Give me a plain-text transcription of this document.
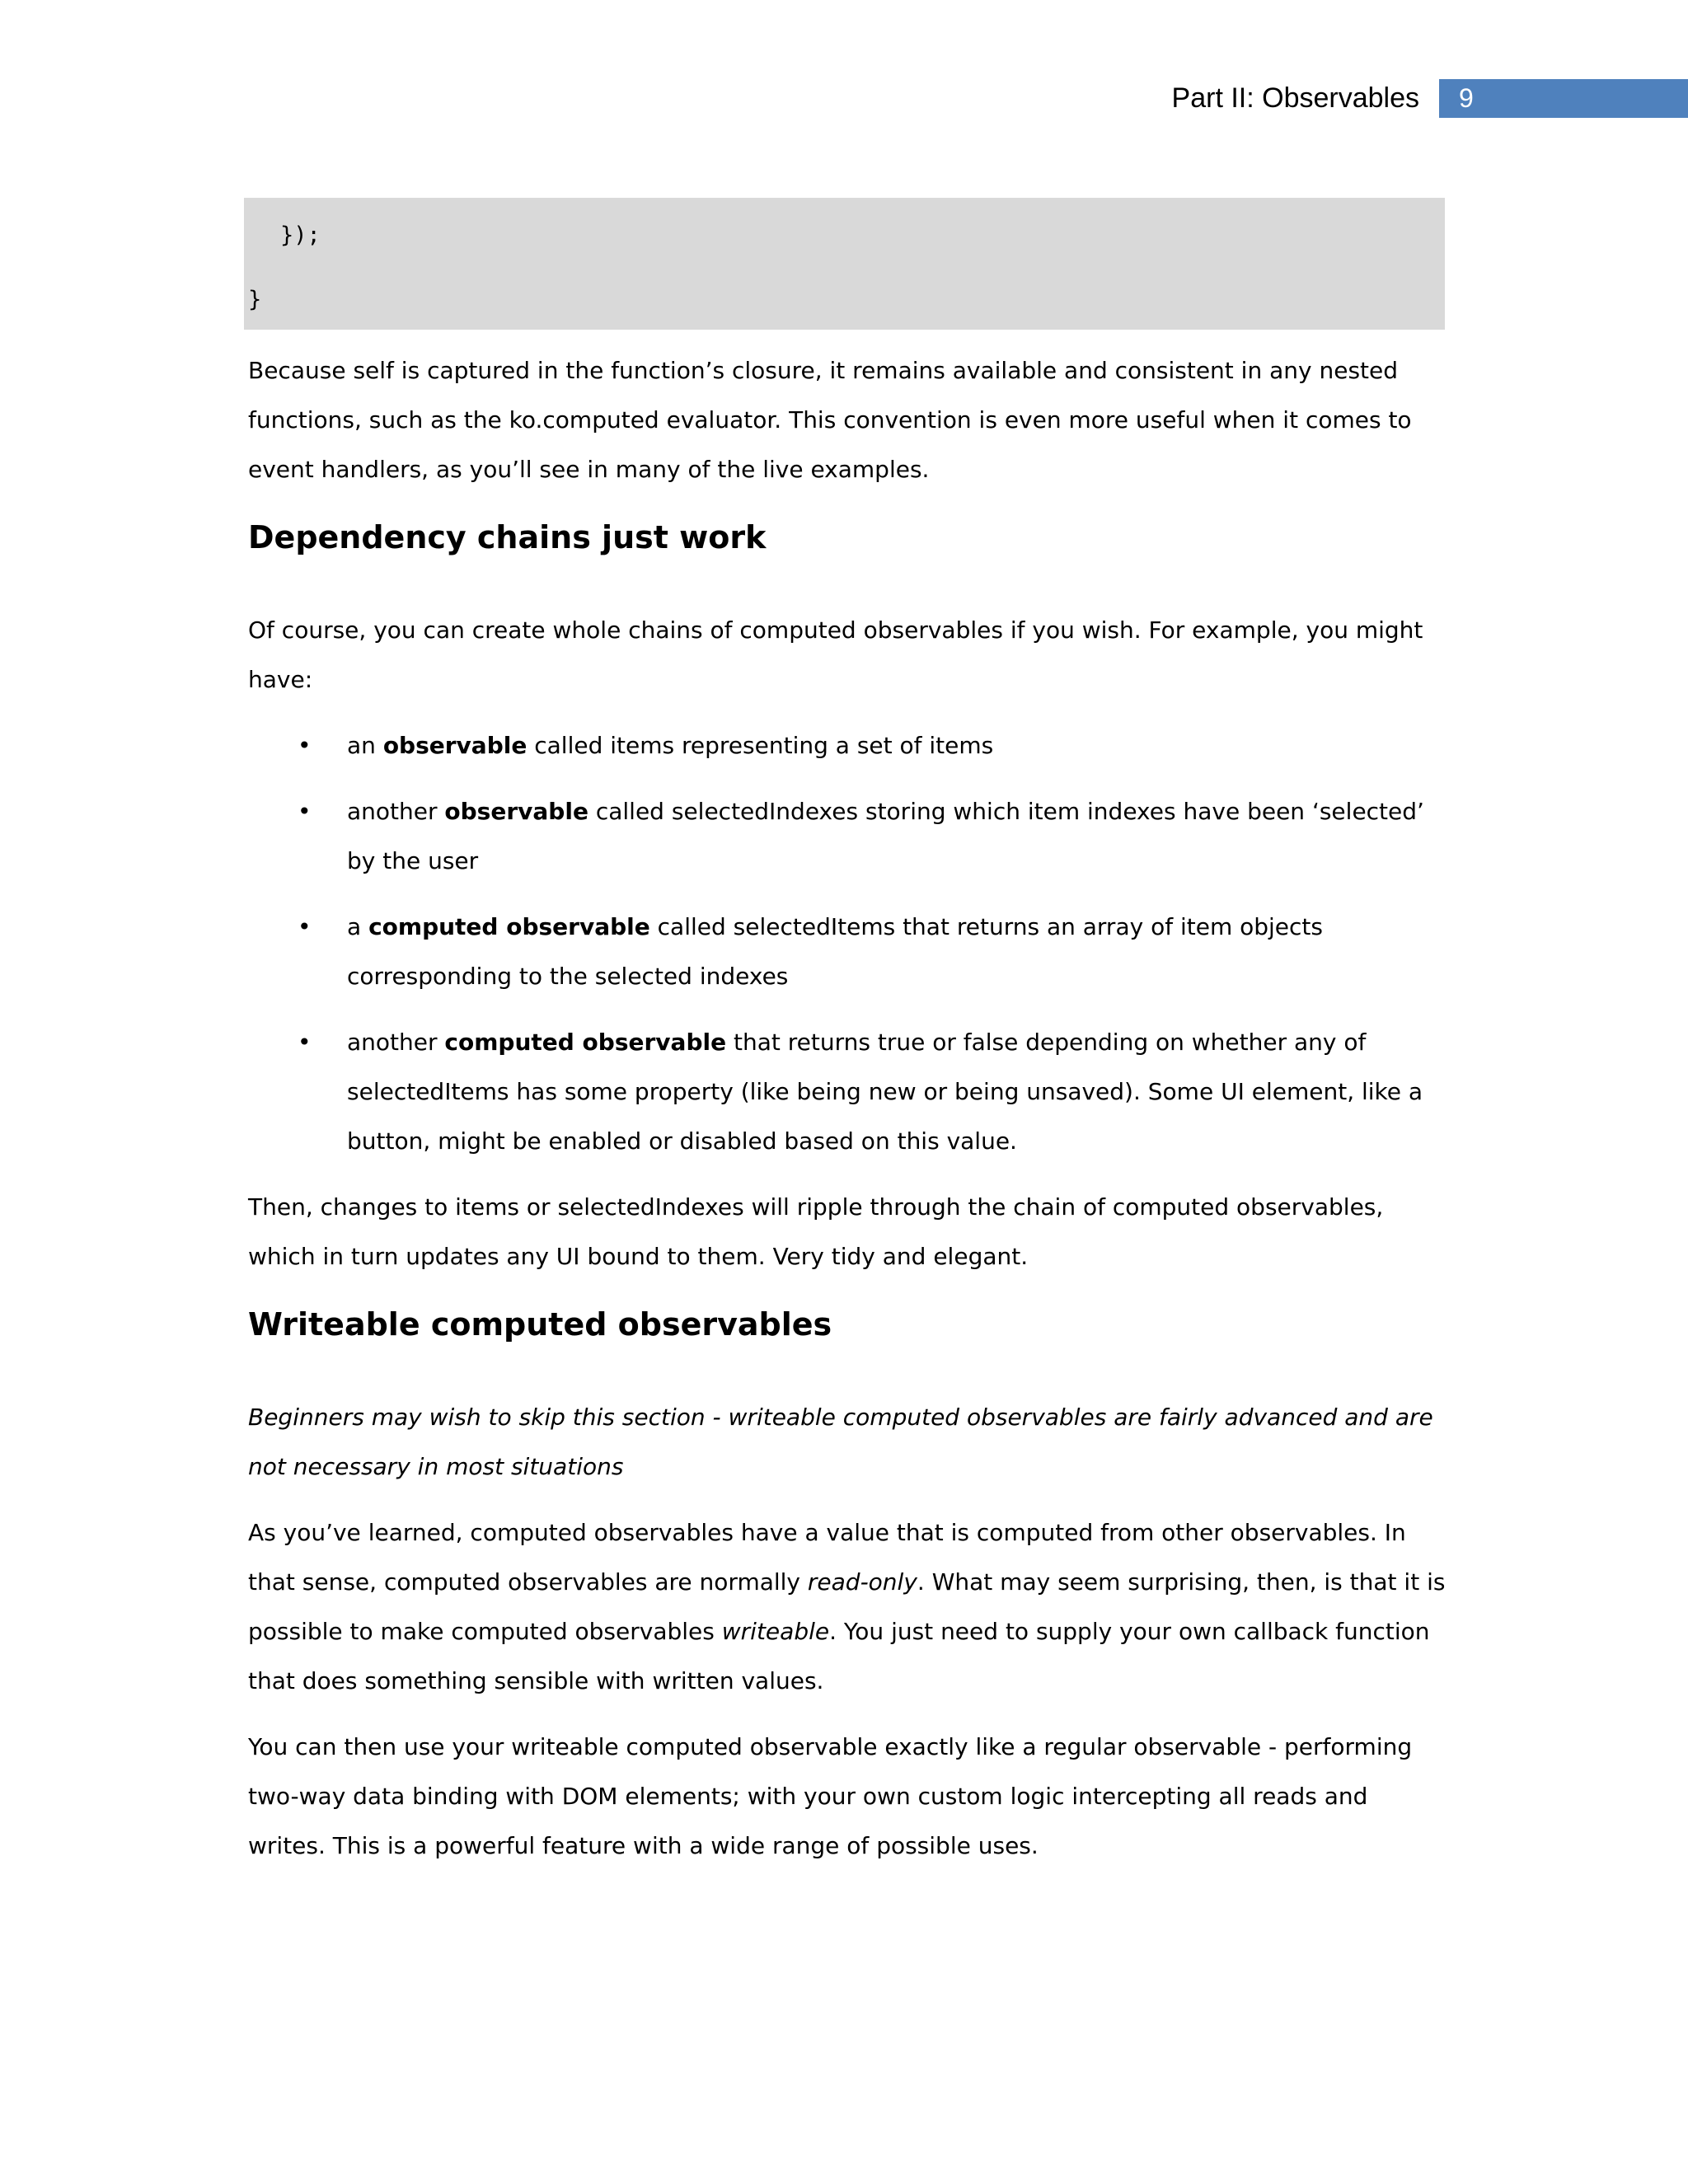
Part II: Observables	9
});
}

Because self is captured in the function’s closure, it remains available and consistent in any nested functions, such as the ko.computed evaluator. This convention is even more useful when it comes to event handlers, as you’ll see in many of the live examples.

Dependency chains just work

Of course, you can create whole chains of computed observables if you wish. For example, you might have:

• an observable called items representing a set of items
• another observable called selectedIndexes storing which item indexes have been ‘selected’ by the user
• a computed observable called selectedItems that returns an array of item objects corresponding to the selected indexes
• another computed observable that returns true or false depending on whether any of selectedItems has some property (like being new or being unsaved). Some UI element, like a button, might be enabled or disabled based on this value.

Then, changes to items or selectedIndexes will ripple through the chain of computed observables, which in turn updates any UI bound to them. Very tidy and elegant.

Writeable computed observables

Beginners may wish to skip this section - writeable computed observables are fairly advanced and are not necessary in most situations

As you’ve learned, computed observables have a value that is computed from other observables. In that sense, computed observables are normally read-only. What may seem surprising, then, is that it is possible to make computed observables writeable. You just need to supply your own callback function that does something sensible with written values.

You can then use your writeable computed observable exactly like a regular observable - performing two-way data binding with DOM elements; with your own custom logic intercepting all reads and writes. This is a powerful feature with a wide range of possible uses.
